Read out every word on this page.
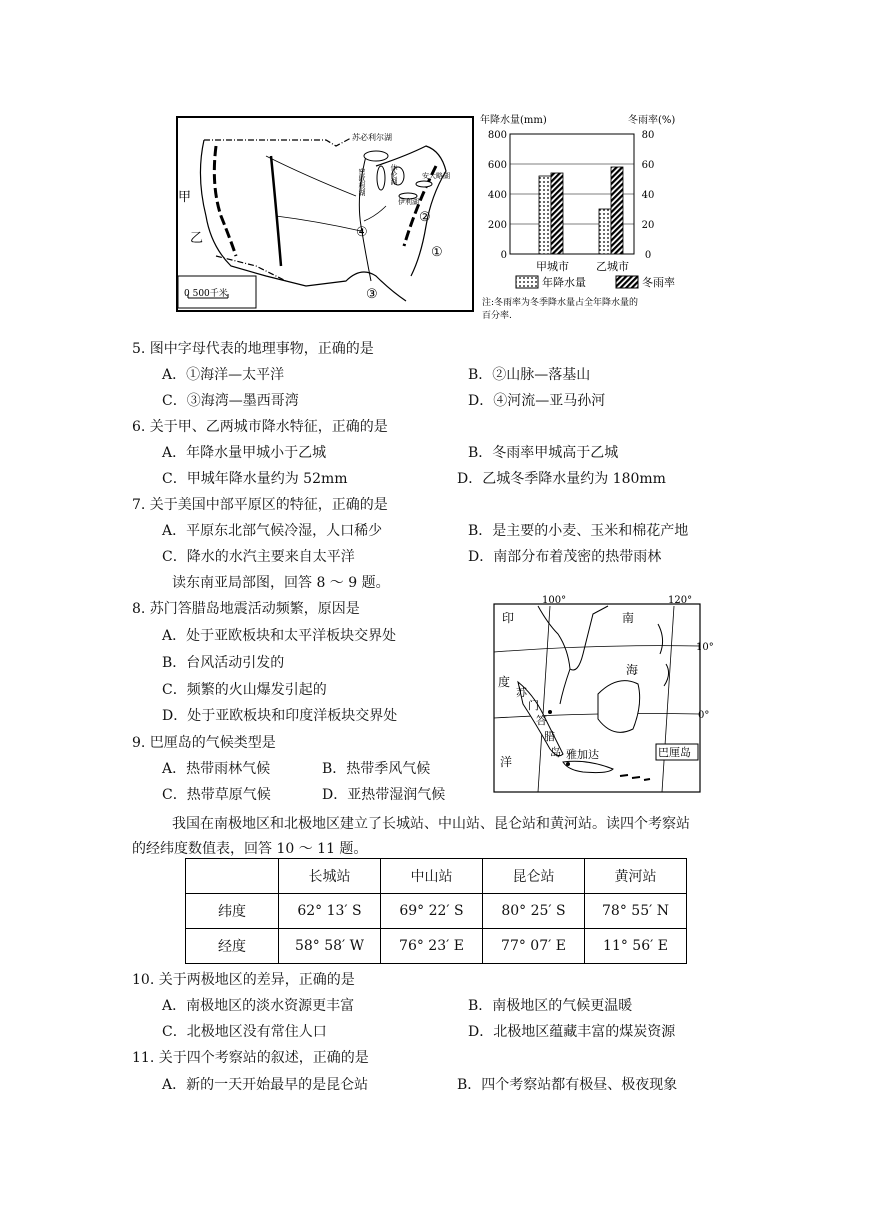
甲
乙
①
②
③
④
苏必利尔湖
密歇根湖	休伦湖
伊利湖
安大略湖
0 500千米
年降水量(mm)	冬雨率(%)
800	80
600	60
400	40
200	20
0	0
甲城市 乙城市
年降水量	冬雨率
注:冬雨率为冬季降水量占全年降水量的百分率.
5. 图中字母代表的地理事物，正确的是
A．①海洋—太平洋	B．②山脉—落基山
C．③海湾—墨西哥湾	D．④河流—亚马孙河
6. 关于甲、乙两城市降水特征，正确的是
A．年降水量甲城小于乙城	B．冬雨率甲城高于乙城
C．甲城年降水量约为 52mm	D．乙城冬季降水量约为 180mm
7. 关于美国中部平原区的特征，正确的是
A．平原东北部气候冷湿，人口稀少	B．是主要的小麦、玉米和棉花产地
C．降水的水汽主要来自太平洋	D．南部分布着茂密的热带雨林
读东南亚局部图，回答 8 ～ 9 题。
8. 苏门答腊岛地震活动频繁，原因是
A．处于亚欧板块和太平洋板块交界处
B．台风活动引发的
C．频繁的火山爆发引起的
D．处于亚欧板块和印度洋板块交界处
9. 巴厘岛的气候类型是
A．热带雨林气候	B．热带季风气候
C．热带草原气候	D．亚热带湿润气候
100°	120°
10°
0°
印
度
洋
南
海
苏
门
答
腊
岛 雅加达	巴厘岛
我国在南极地区和北极地区建立了长城站、中山站、昆仑站和黄河站。读四个考察站
的经纬度数值表，回答 10 ～ 11 题。
	长城站	中山站	昆仑站	黄河站
纬度	62° 13′ S	69° 22′ S	80° 25′ S	78° 55′ N
经度	58° 58′ W	76° 23′ E	77° 07′ E	11° 56′ E
10. 关于两极地区的差异，正确的是
A．南极地区的淡水资源更丰富	B．南极地区的气候更温暖
C．北极地区没有常住人口	D．北极地区蕴藏丰富的煤炭资源
11. 关于四个考察站的叙述，正确的是
A．新的一天开始最早的是昆仑站	B．四个考察站都有极昼、极夜现象
